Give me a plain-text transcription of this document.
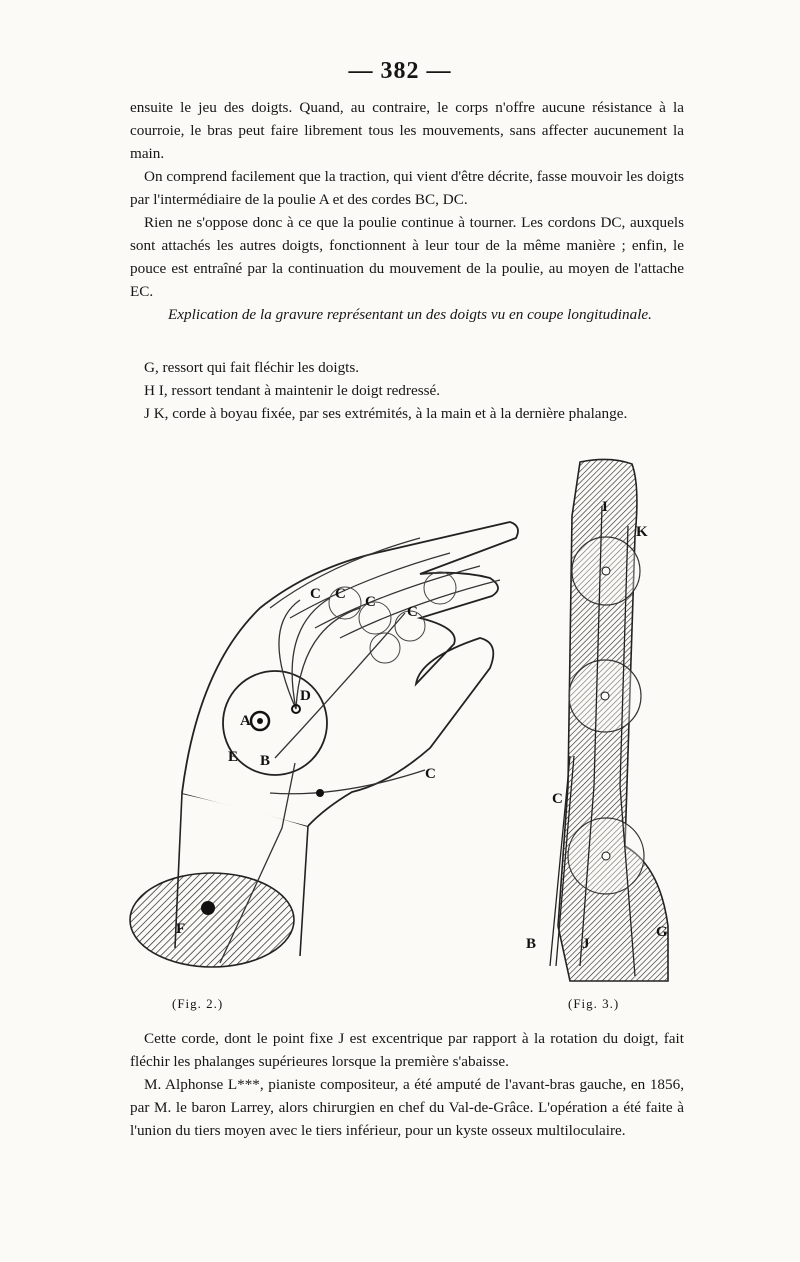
— 382 —

ensuite le jeu des doigts. Quand, au contraire, le corps n'offre aucune résistance à la courroie, le bras peut faire librement tous les mouvements, sans affecter aucunement la main.

On comprend facilement que la traction, qui vient d'être décrite, fasse mouvoir les doigts par l'intermédiaire de la poulie A et des cordes BC, DC.

Rien ne s'oppose donc à ce que la poulie continue à tourner. Les cordons DC, auxquels sont attachés les autres doigts, fonctionnent à leur tour de la même manière ; enfin, le pouce est entraîné par la continuation du mouvement de la poulie, au moyen de l'attache EC.

Explication de la gravure représentant un des doigts vu en coupe longitudinale.

G, ressort qui fait fléchir les doigts.

H I, ressort tendant à maintenir le doigt redressé.

J K, corde à boyau fixée, par ses extrémités, à la main et à la dernière phalange.

A
B
C C C
C
C
D
E
F
I
K
C
B	J
G
(Fig. 2.)	(Fig. 3.)

Cette corde, dont le point fixe J est excentrique par rapport à la rotation du doigt, fait fléchir les phalanges supérieures lorsque la première s'abaisse.

M. Alphonse L***, pianiste compositeur, a été amputé de l'avant-bras gauche, en 1856, par M. le baron Larrey, alors chirurgien en chef du Val-de-Grâce. L'opération a été faite à l'union du tiers moyen avec le tiers inférieur, pour un kyste osseux multiloculaire.
